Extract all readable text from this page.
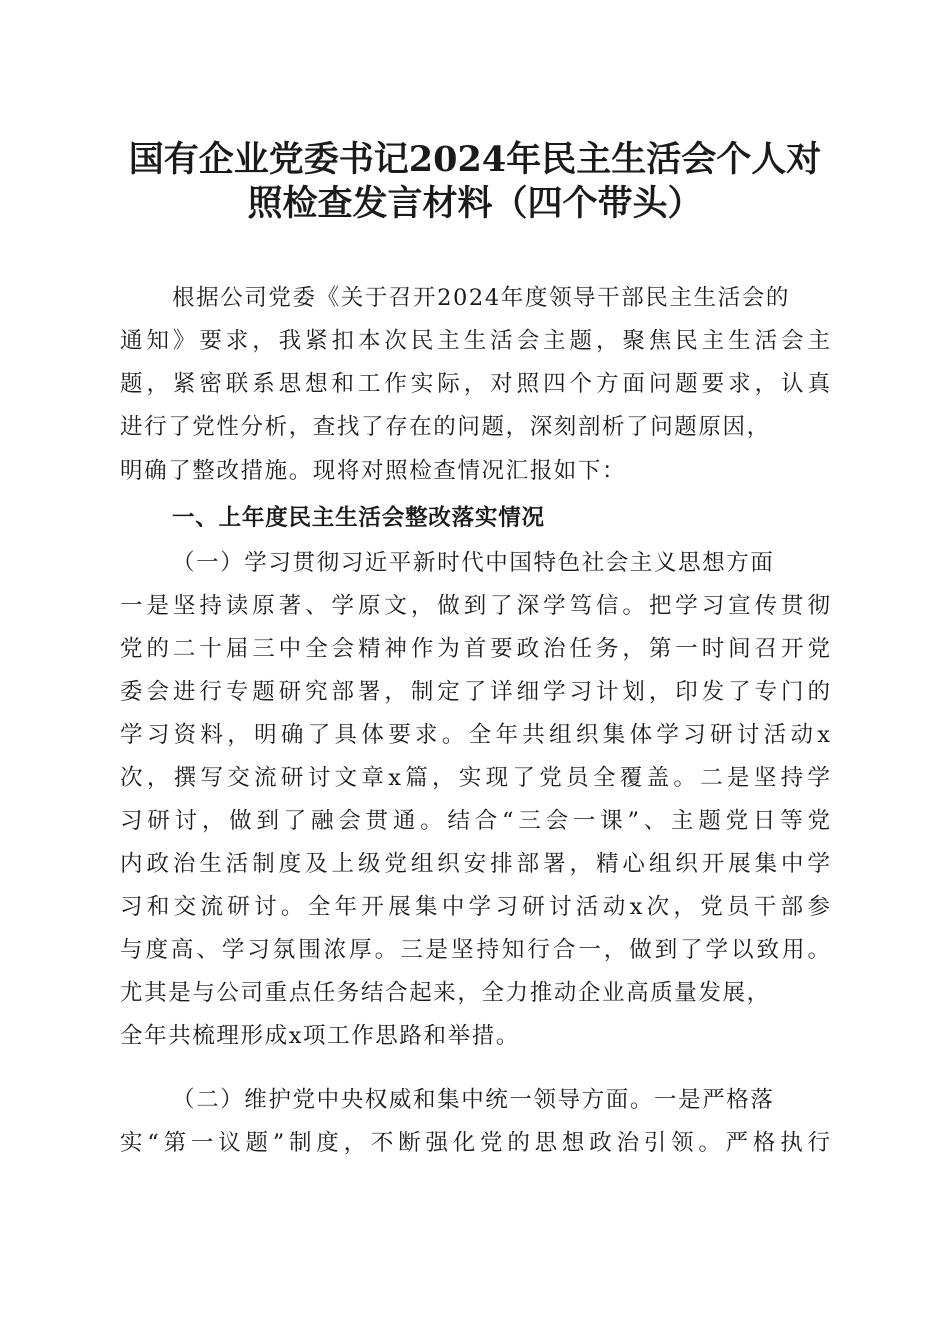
国有企业党委书记2024年民主生活会个人对
照检查发言材料（四个带头）

根据公司党委《关于召开2024年度领导干部民主生活会的

通知》要求，我紧扣本次民主生活会主题，聚焦民主生活会主

题，紧密联系思想和工作实际，对照四个方面问题要求，认真

进行了党性分析，查找了存在的问题，深刻剖析了问题原因，

明确了整改措施。现将对照检查情况汇报如下：

一、上年度民主生活会整改落实情况

（一）学习贯彻习近平新时代中国特色社会主义思想方面

一是坚持读原著、学原文，做到了深学笃信。把学习宣传贯彻

党的二十届三中全会精神作为首要政治任务，第一时间召开党

委会进行专题研究部署，制定了详细学习计划，印发了专门的

学习资料，明确了具体要求。全年共组织集体学习研讨活动x

次，撰写交流研讨文章x篇，实现了党员全覆盖。二是坚持学

习研讨，做到了融会贯通。结合“三会一课”、主题党日等党

内政治生活制度及上级党组织安排部署，精心组织开展集中学

习和交流研讨。全年开展集中学习研讨活动x次，党员干部参

与度高、学习氛围浓厚。三是坚持知行合一，做到了学以致用。

尤其是与公司重点任务结合起来，全力推动企业高质量发展，

全年共梳理形成x项工作思路和举措。

（二）维护党中央权威和集中统一领导方面。一是严格落

实“第一议题”制度，不断强化党的思想政治引领。严格执行
